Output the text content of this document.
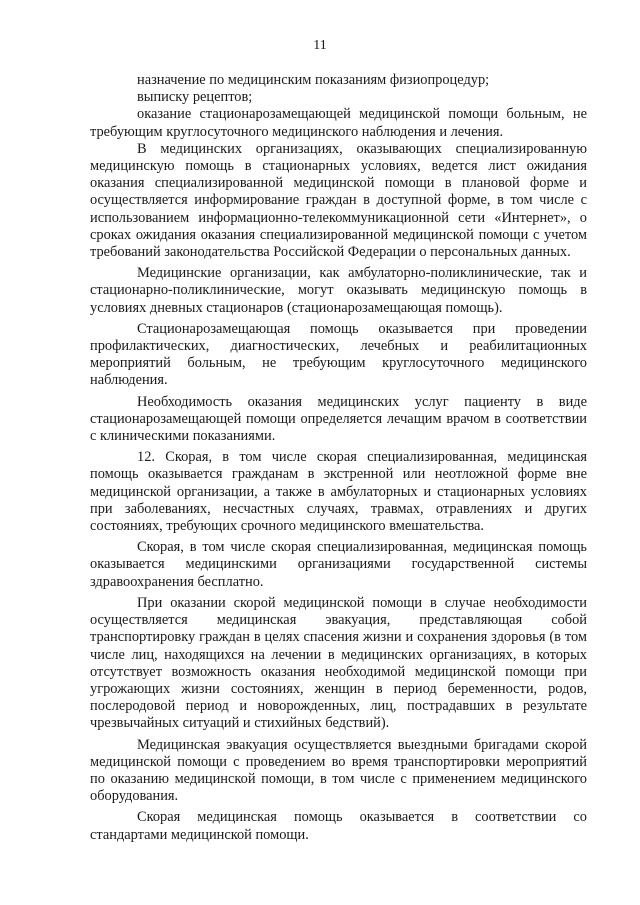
11

назначение по медицинским показаниям физиопроцедур;

выписку рецептов;

оказание стационарозамещающей медицинской помощи больным, не требующим круглосуточного медицинского наблюдения и лечения.

В медицинских организациях, оказывающих специализированную медицинскую помощь в стационарных условиях, ведется лист ожидания оказания специализированной медицинской помощи в плановой форме и осуществляется информирование граждан в доступной форме, в том числе с использованием информационно-телекоммуникационной сети «Интернет», о сроках ожидания оказания специализированной медицинской помощи с учетом требований законодательства Российской Федерации о персональных данных.

Медицинские организации, как амбулаторно-поликлинические, так и стационарно-поликлинические, могут оказывать медицинскую помощь в условиях дневных стационаров (стационарозамещающая помощь).

Стационарозамещающая помощь оказывается при проведении профилактических, диагностических, лечебных и реабилитационных мероприятий больным, не требующим круглосуточного медицинского наблюдения.

Необходимость оказания медицинских услуг пациенту в виде стационарозамещающей помощи определяется лечащим врачом в соответствии с клиническими показаниями.

12. Скорая, в том числе скорая специализированная, медицинская помощь оказывается гражданам в экстренной или неотложной форме вне медицинской организации, а также в амбулаторных и стационарных условиях при заболеваниях, несчастных случаях, травмах, отравлениях и других состояниях, требующих срочного медицинского вмешательства.

Скорая, в том числе скорая специализированная, медицинская помощь оказывается медицинскими организациями государственной системы здравоохранения бесплатно.

При оказании скорой медицинской помощи в случае необходимости осуществляется медицинская эвакуация, представляющая собой транспортировку граждан в целях спасения жизни и сохранения здоровья (в том числе лиц, находящихся на лечении в медицинских организациях, в которых отсутствует возможность оказания необходимой медицинской помощи при угрожающих жизни состояниях, женщин в период беременности, родов, послеродовой период и новорожденных, лиц, пострадавших в результате чрезвычайных ситуаций и стихийных бедствий).

Медицинская эвакуация осуществляется выездными бригадами скорой медицинской помощи с проведением во время транспортировки мероприятий по оказанию медицинской помощи, в том числе с применением медицинского оборудования.

Скорая медицинская помощь оказывается в соответствии со стандартами медицинской помощи.
